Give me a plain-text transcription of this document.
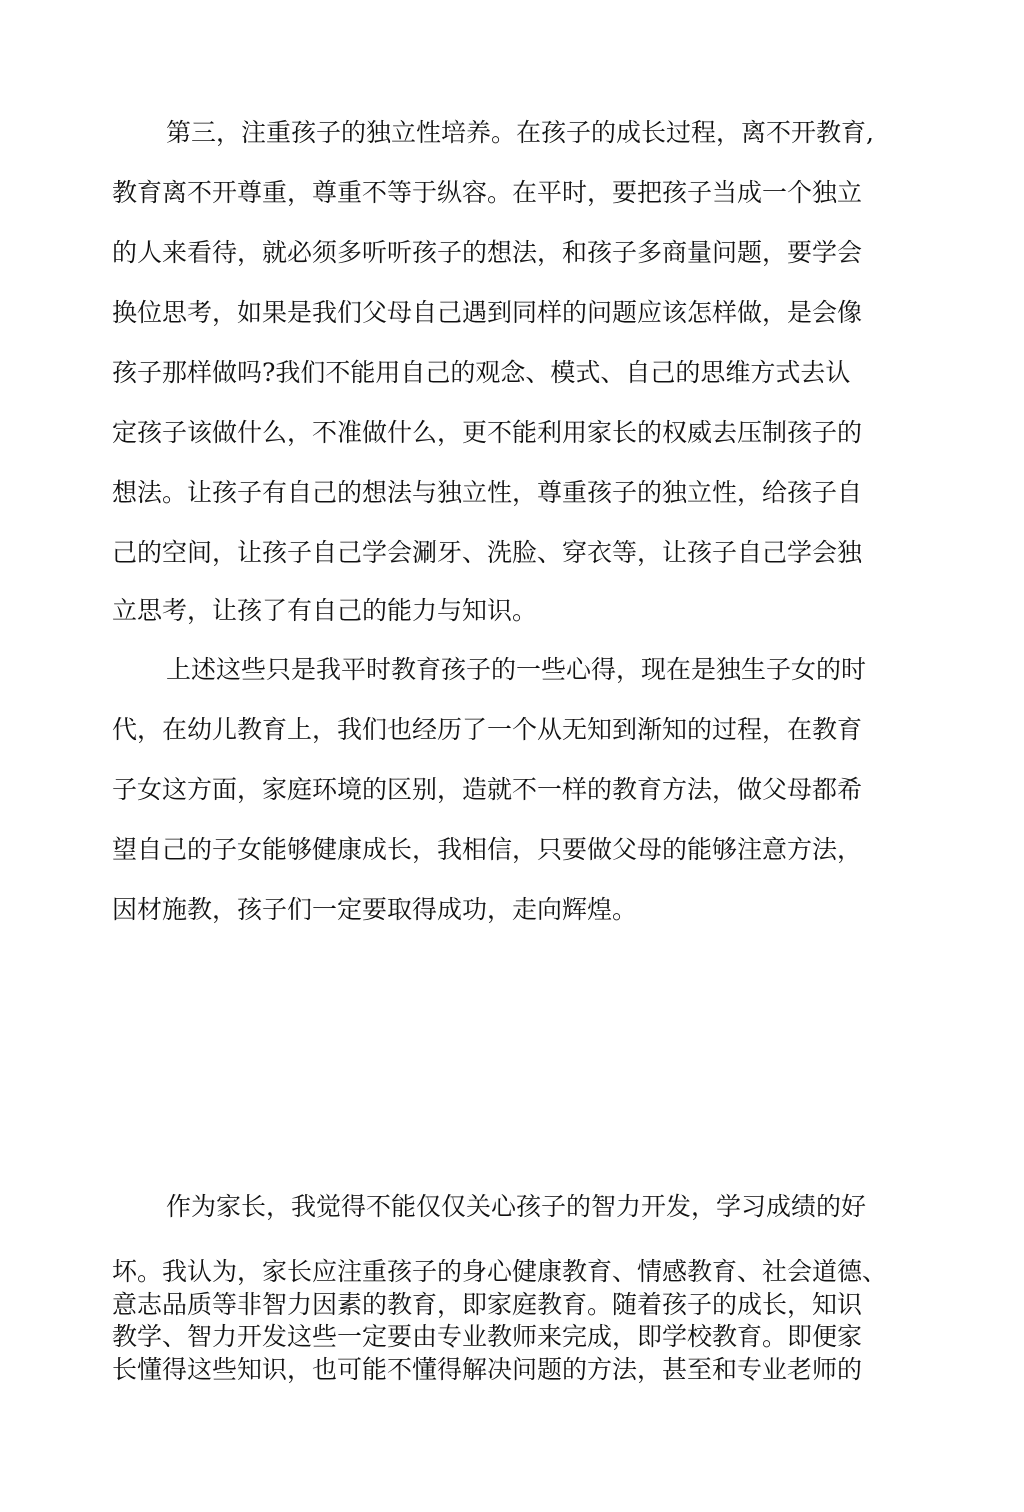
第三，注重孩子的独立性培养。在孩子的成长过程，离不开教育,
教育离不开尊重，尊重不等于纵容。在平时，要把孩子当成一个独立
的人来看待，就必须多听听孩子的想法，和孩子多商量问题，要学会
换位思考，如果是我们父母自己遇到同样的问题应该怎样做，是会像
孩子那样做吗?我们不能用自己的观念、模式、自己的思维方式去认
定孩子该做什么，不准做什么，更不能利用家长的权威去压制孩子的
想法。让孩子有自己的想法与独立性，尊重孩子的独立性，给孩子自
己的空间，让孩子自己学会涮牙、洗脸、穿衣等，让孩子自己学会独
立思考，让孩了有自己的能力与知识。
上述这些只是我平时教育孩子的一些心得，现在是独生子女的时
代，在幼儿教育上，我们也经历了一个从无知到渐知的过程，在教育
子女这方面，家庭环境的区别，造就不一样的教育方法，做父母都希
望自己的子女能够健康成长，我相信，只要做父母的能够注意方法，
因材施教，孩子们一定要取得成功，走向辉煌。
作为家长，我觉得不能仅仅关心孩子的智力开发，学习成绩的好
坏。我认为，家长应注重孩子的身心健康教育、情感教育、社会道德、
意志品质等非智力因素的教育，即家庭教育。随着孩子的成长，知识
教学、智力开发这些一定要由专业教师来完成，即学校教育。即便家
长懂得这些知识，也可能不懂得解决问题的方法，甚至和专业老师的
